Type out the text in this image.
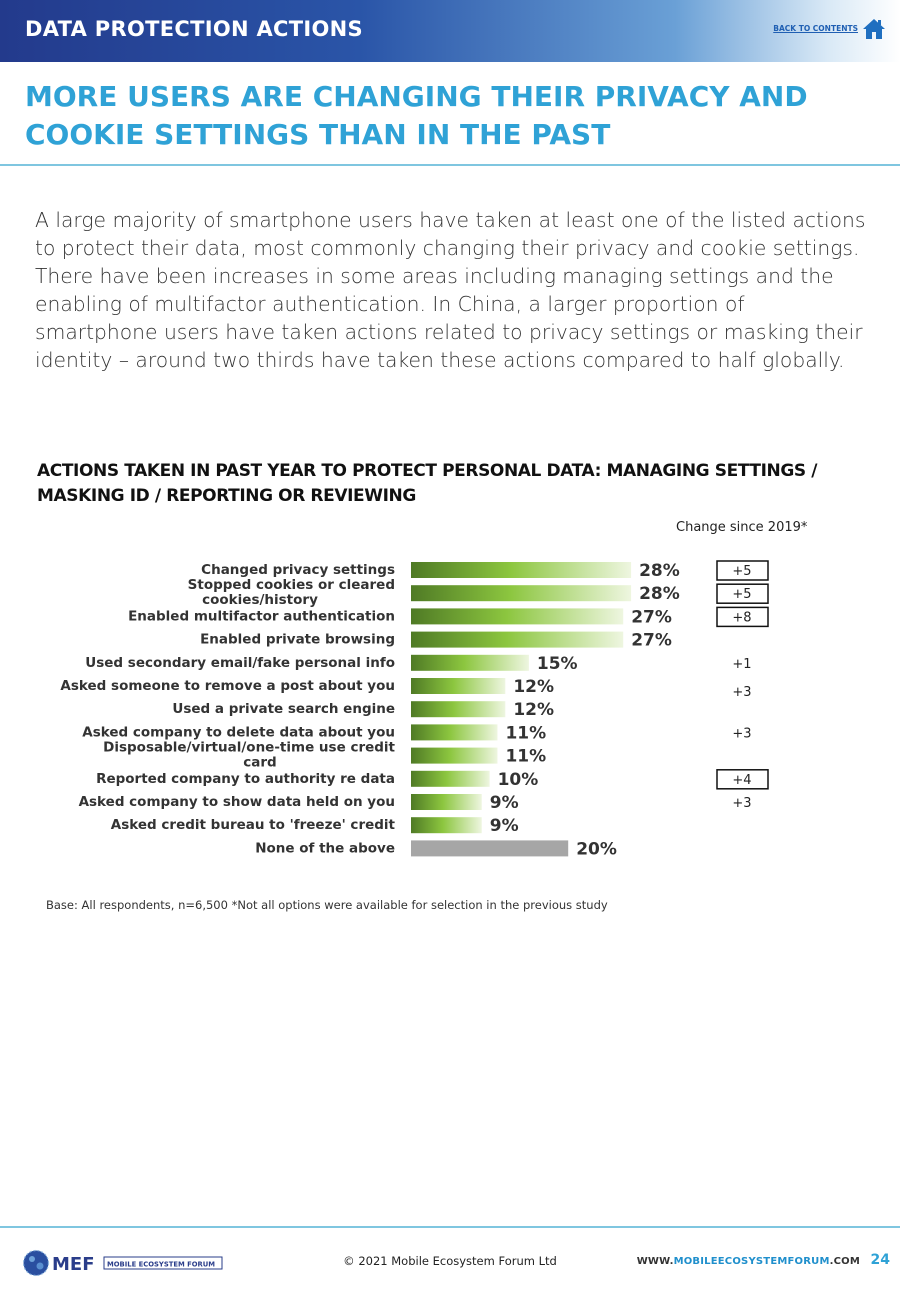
DATA PROTECTION ACTIONS	BACK TO CONTENTS
MORE USERS ARE CHANGING THEIR PRIVACY AND
COOKIE SETTINGS THAN IN THE PAST
A large majority of smartphone users have taken at least one of the listed actions to protect their data, most commonly changing their privacy and cookie settings. There have been increases in some areas including managing settings and the enabling of multifactor authentication. In China, a larger proportion of smartphone users have taken actions related to privacy settings or masking their identity – around two thirds have taken these actions compared to half globally.
ACTIONS TAKEN IN PAST YEAR TO PROTECT PERSONAL DATA: MANAGING SETTINGS / MASKING ID / REPORTING OR REVIEWING
Change since 2019*
Changed privacy settings	28%	+5
Stopped cookies or cleared cookies/history	28%	+5
Enabled multifactor authentication	27%	+8
Enabled private browsing	27%
Used secondary email/fake personal info	15%	+1
Asked someone to remove a post about you	12%	+3
Used a private search engine	12%
Asked company to delete data about you	11%	+3
Disposable/virtual/one-time use credit card	11%
Reported company to authority re data	10%	+4
Asked company to show data held on you	9%	+3
Asked credit bureau to 'freeze' credit	9%
None of the above	20%
Base: All respondents, n=6,500 *Not all options were available for selection in the previous study
MEF MOBILE ECOSYSTEM FORUM	© 2021 Mobile Ecosystem Forum Ltd	WWW.MOBILEECOSYSTEMFORUM.COM 24
